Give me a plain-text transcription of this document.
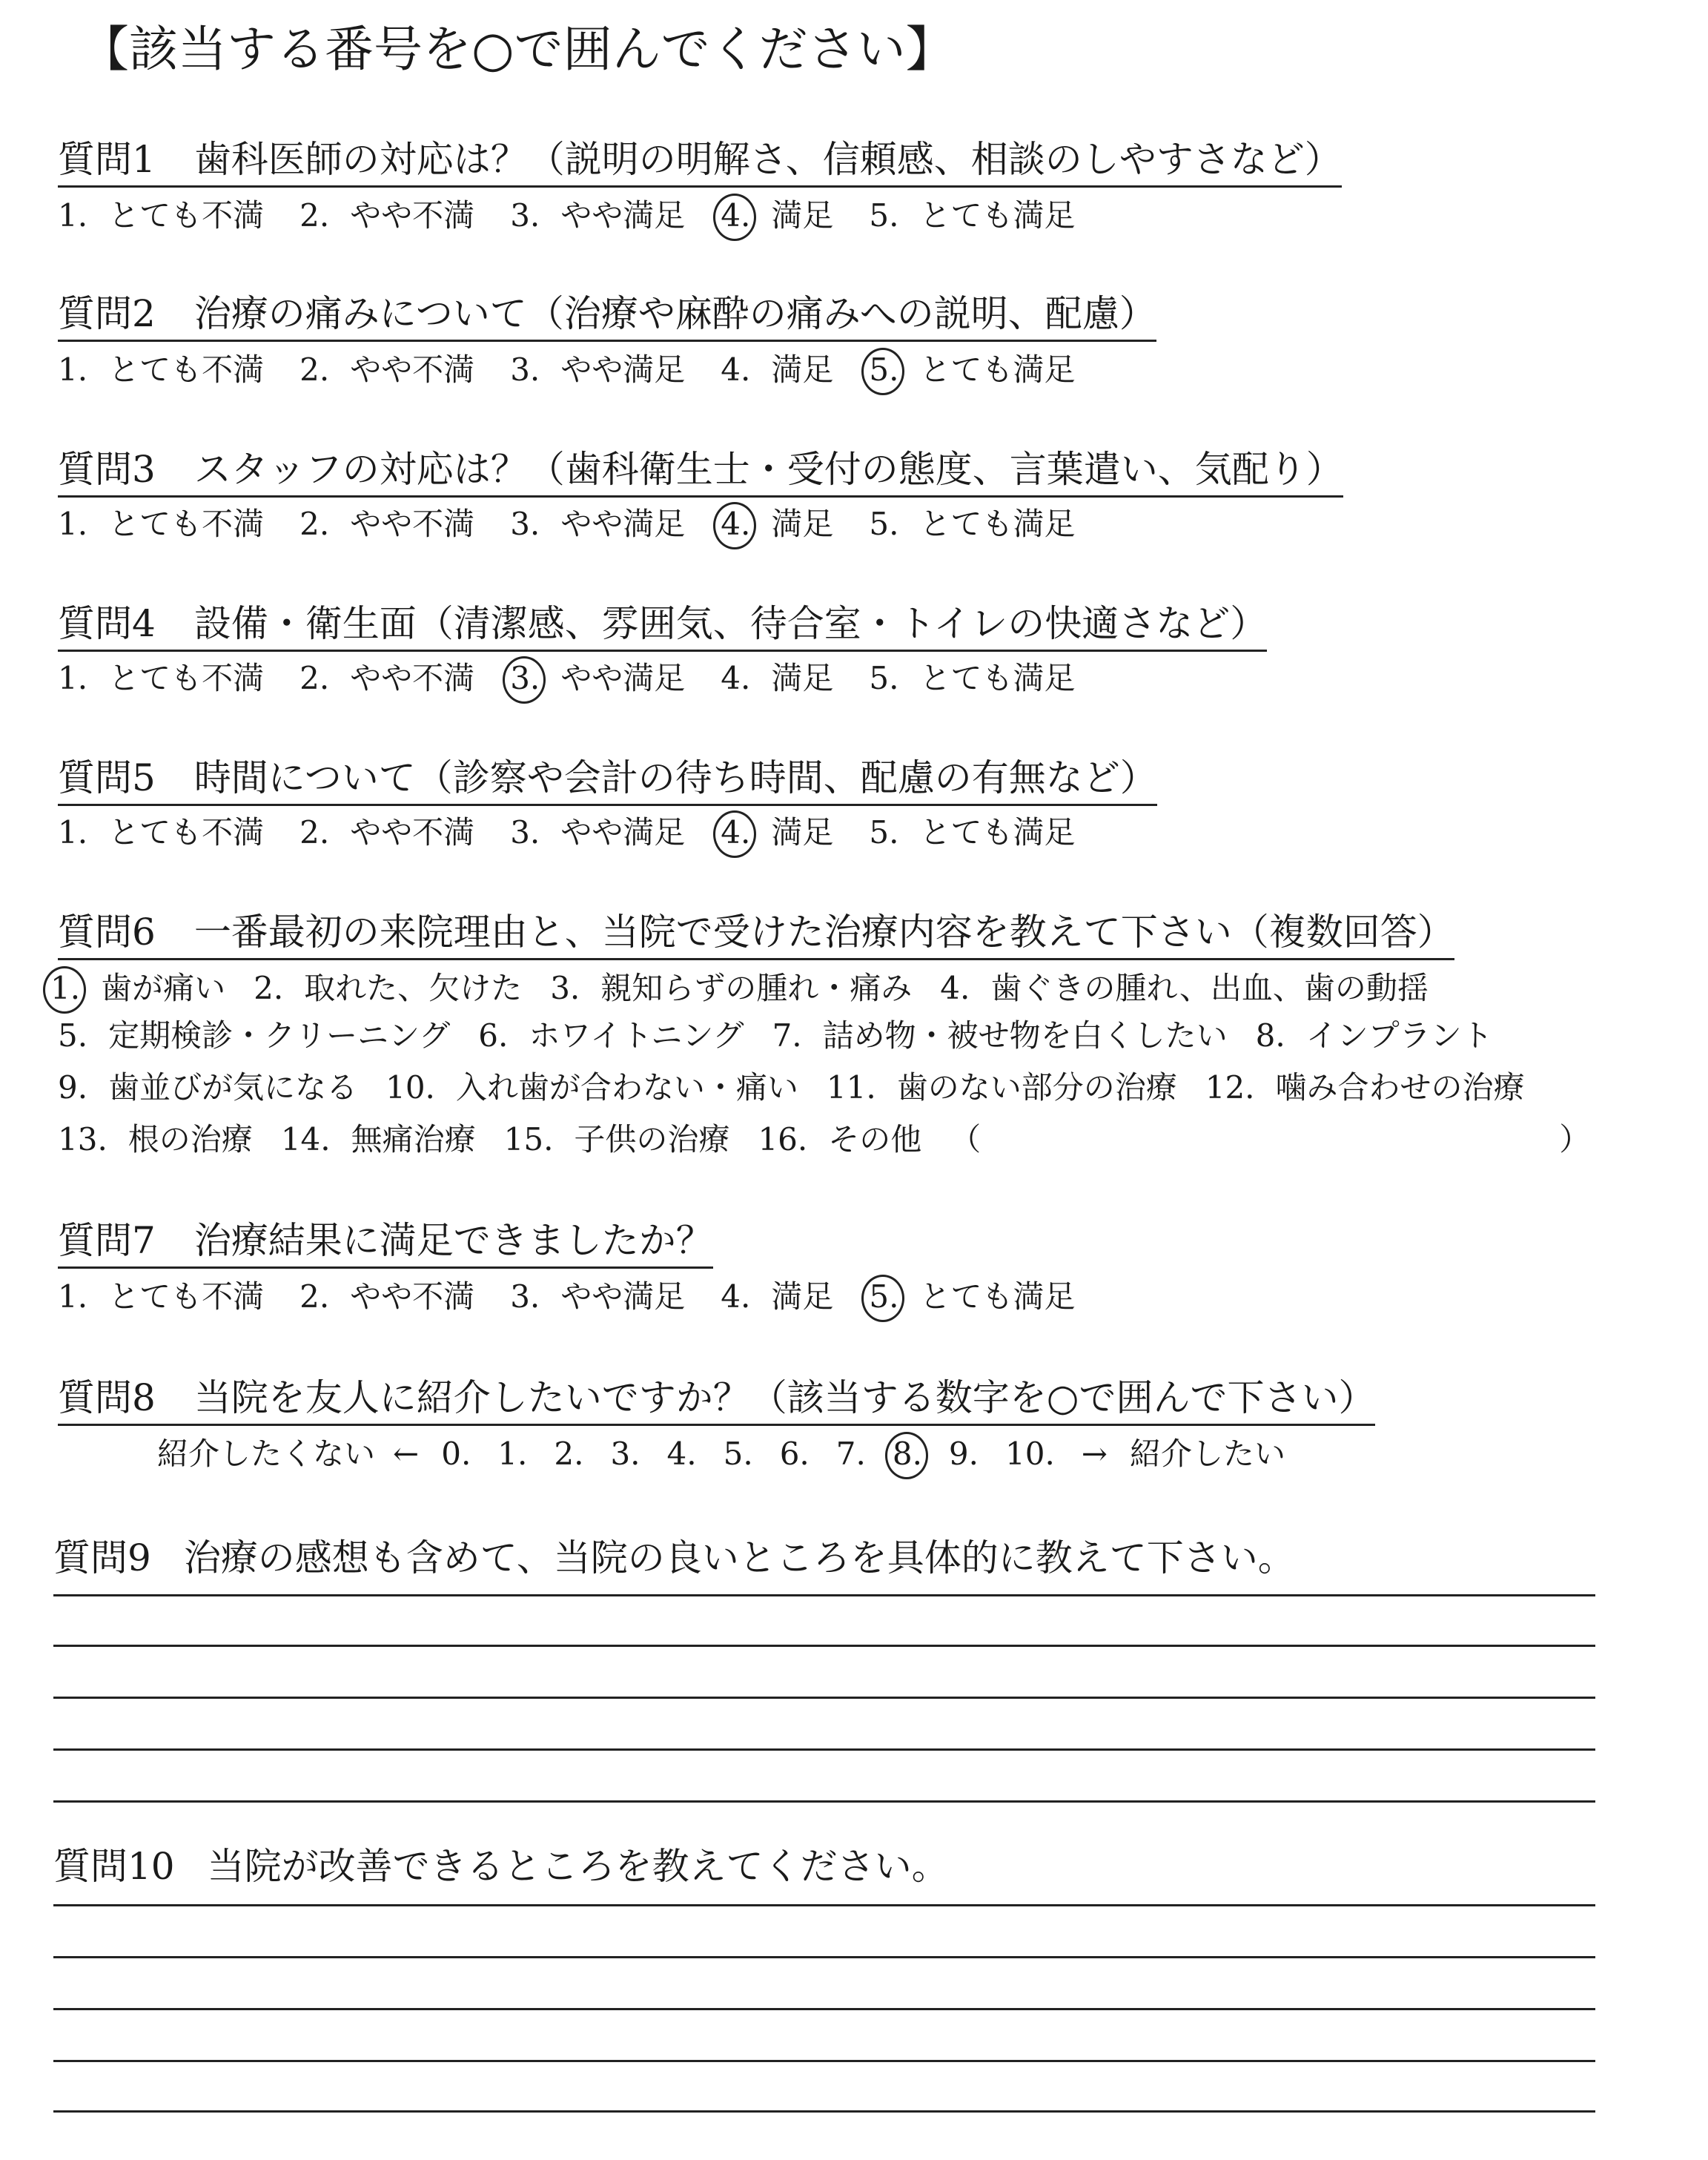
【該当する番号を○で囲んでください】
質問1 歯科医師の対応は？（説明の明解さ、信頼感、相談のしやすさなど）
1. とても不満 2. やや不満 3. やや満足 4. 満足 5. とても満足
質問2 治療の痛みについて（治療や麻酔の痛みへの説明、配慮）
1. とても不満 2. やや不満 3. やや満足 4. 満足 5. とても満足
質問3 スタッフの対応は？（歯科衛生士・受付の態度、言葉遣い、気配り）
1. とても不満 2. やや不満 3. やや満足 4. 満足 5. とても満足
質問4 設備・衛生面（清潔感、雰囲気、待合室・トイレの快適さなど）
1. とても不満 2. やや不満 3. やや満足 4. 満足 5. とても満足
質問5 時間について（診察や会計の待ち時間、配慮の有無など）
1. とても不満 2. やや不満 3. やや満足 4. 満足 5. とても満足
質問6 一番最初の来院理由と、当院で受けた治療内容を教えて下さい（複数回答）
1. 歯が痛い 2. 取れた、欠けた 3. 親知らずの腫れ・痛み 4. 歯ぐきの腫れ、出血、歯の動揺
5. 定期検診・クリーニング 6. ホワイトニング 7. 詰め物・被せ物を白くしたい 8. インプラント
9. 歯並びが気になる 10. 入れ歯が合わない・痛い 11. 歯のない部分の治療 12. 噛み合わせの治療
13. 根の治療 14. 無痛治療 15. 子供の治療 16. その他 （	）
質問7 治療結果に満足できましたか？
1. とても不満 2. やや不満 3. やや満足 4. 満足 5. とても満足
質問8 当院を友人に紹介したいですか？（該当する数字を○で囲んで下さい）
紹介したくない ← 0. 1. 2. 3. 4. 5. 6. 7. 8. 9. 10. → 紹介したい
質問9 治療の感想も含めて、当院の良いところを具体的に教えて下さい。
質問10 当院が改善できるところを教えてください。
